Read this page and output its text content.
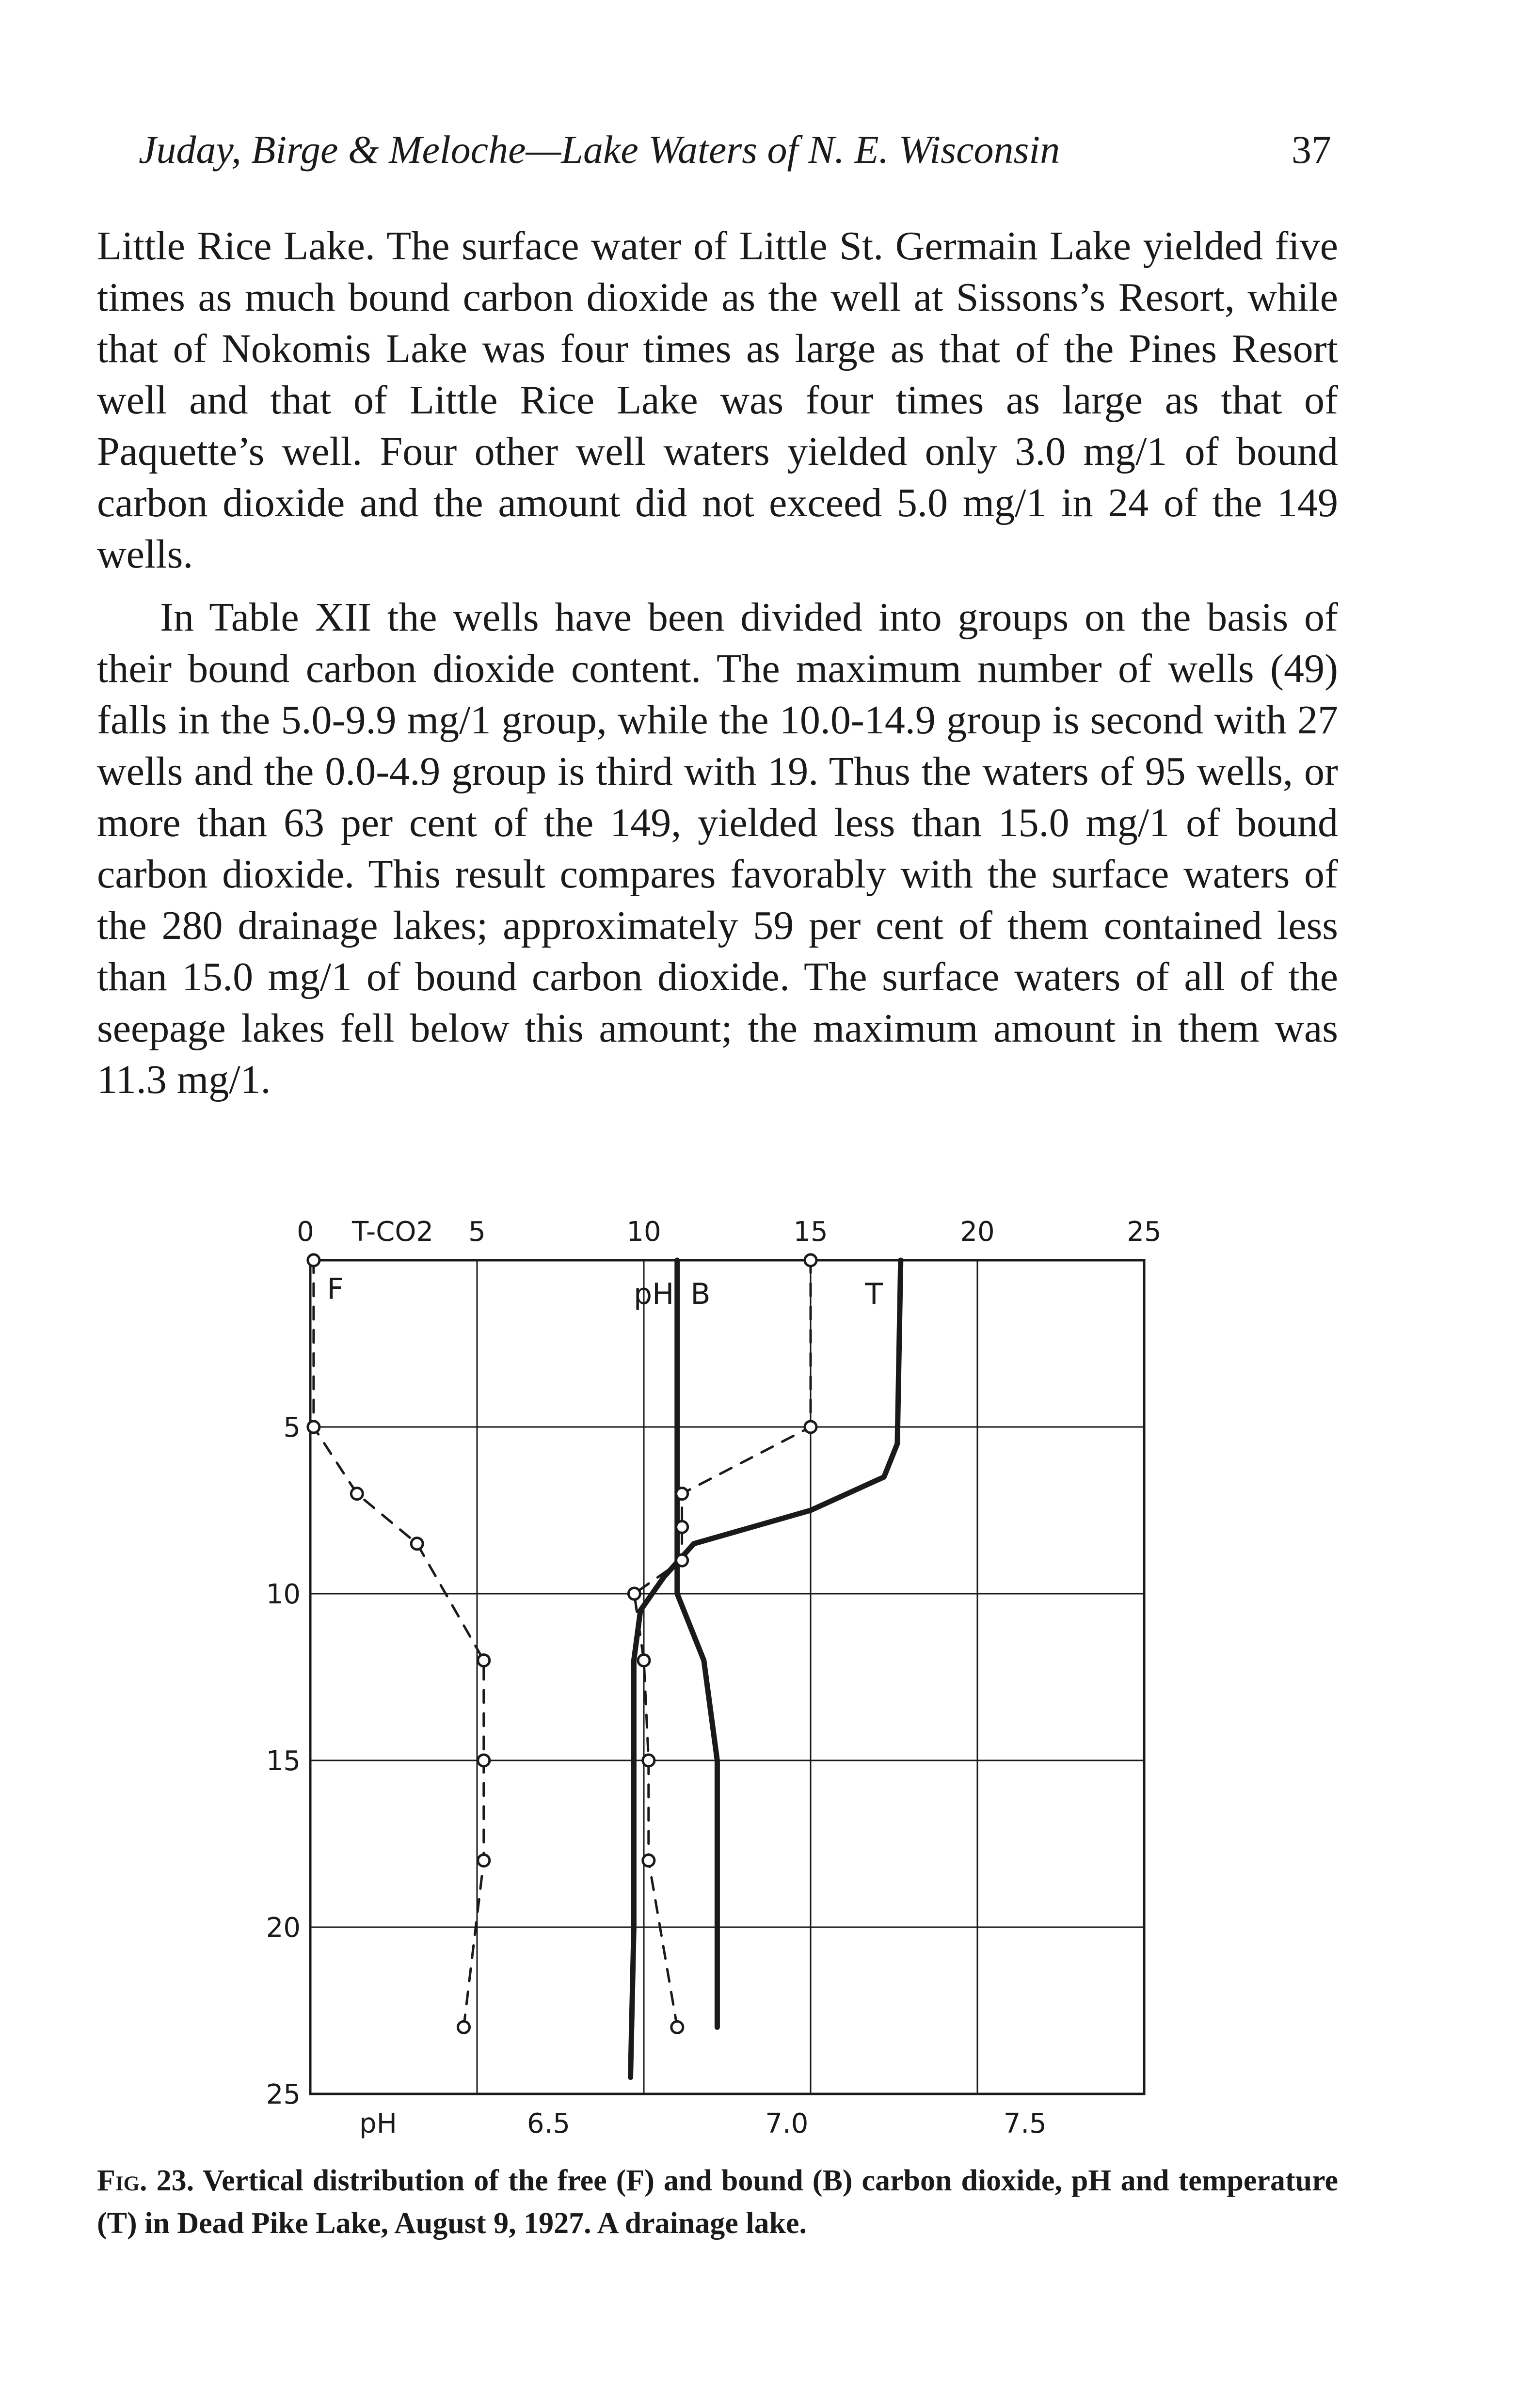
Juday, Birge & Meloche—Lake Waters of N. E. Wisconsin	37

Little Rice Lake. The surface water of Little St. Germain Lake yielded five times as much bound carbon dioxide as the well at Sissons’s Resort, while that of Nokomis Lake was four times as large as that of the Pines Resort well and that of Little Rice Lake was four times as large as that of Paquette’s well. Four other well waters yielded only 3.0 mg/1 of bound carbon dioxide and the amount did not exceed 5.0 mg/1 in 24 of the 149 wells.

In Table XII the wells have been divided into groups on the basis of their bound carbon dioxide content. The maximum number of wells (49) falls in the 5.0-9.9 mg/1 group, while the 10.0-14.9 group is second with 27 wells and the 0.0-4.9 group is third with 19. Thus the waters of 95 wells, or more than 63 per cent of the 149, yielded less than 15.0 mg/1 of bound carbon dioxide. This result compares favorably with the surface waters of the 280 drainage lakes; approximately 59 per cent of them contained less than 15.0 mg/1 of bound carbon dioxide. The surface waters of all of the seepage lakes fell below this amount; the maximum amount in them was 11.3 mg/1.

0	5	10	15	20	25
T-CO2
5
10
15
20
25
pH	6.5	7.0	7.5
F	B	T
pH
Fig. 23. Vertical distribution of the free (F) and bound (B) carbon dioxide, pH and temperature (T) in Dead Pike Lake, August 9, 1927. A drainage lake.
